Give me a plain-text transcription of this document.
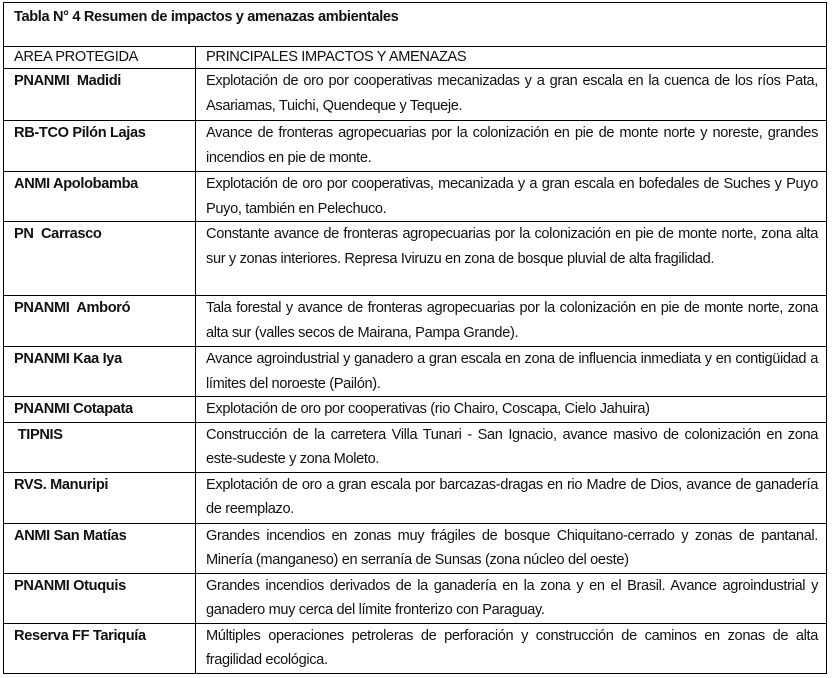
Tabla N° 4 Resumen de impactos y amenazas ambientales	
AREA PROTEGIDA	PRINCIPALES IMPACTOS Y AMENAZAS
PNANMI  Madidi	Explotación de oro por cooperativas mecanizadas y a gran escala en la cuenca de los ríos Pata, Asariamas, Tuichi, Quendeque y Tequeje.
RB-TCO Pilón Lajas	Avance de fronteras agropecuarias por la colonización en pie de monte norte y noreste, grandes incendios en pie de monte.
ANMI Apolobamba	Explotación de oro por cooperativas, mecanizada y a gran escala en bofedales de Suches y Puyo Puyo, también en Pelechuco.
PN  Carrasco	Constante avance de fronteras agropecuarias por la colonización en pie de monte norte, zona alta sur y zonas interiores. Represa Iviruzu en zona de bosque pluvial de alta fragilidad.
PNANMI  Amboró	Tala forestal y avance de fronteras agropecuarias por la colonización en pie de monte norte, zona alta sur (valles secos de Mairana, Pampa Grande).
PNANMI Kaa Iya	Avance agroindustrial y ganadero a gran escala en zona de influencia inmediata y en contigüidad a límites del noroeste (Pailón).
PNANMI Cotapata	Explotación de oro por cooperativas (rio Chairo, Coscapa, Cielo Jahuira)
TIPNIS	Construcción de la carretera Villa Tunari - San Ignacio, avance masivo de colonización en zona este-sudeste y zona Moleto.
RVS. Manuripi	Explotación de oro a gran escala por barcazas-dragas en rio Madre de Dios, avance de ganadería de reemplazo.
ANMI San Matías	Grandes incendios en zonas muy frágiles de bosque Chiquitano-cerrado y zonas de pantanal. Minería (manganeso) en serranía de Sunsas (zona núcleo del oeste)
PNANMI Otuquis	Grandes incendios derivados de la ganadería en la zona y en el Brasil. Avance agroindustrial y ganadero muy cerca del límite fronterizo con Paraguay.
Reserva FF Tariquía	Múltiples operaciones petroleras de perforación y construcción de caminos en zonas de alta fragilidad ecológica.
